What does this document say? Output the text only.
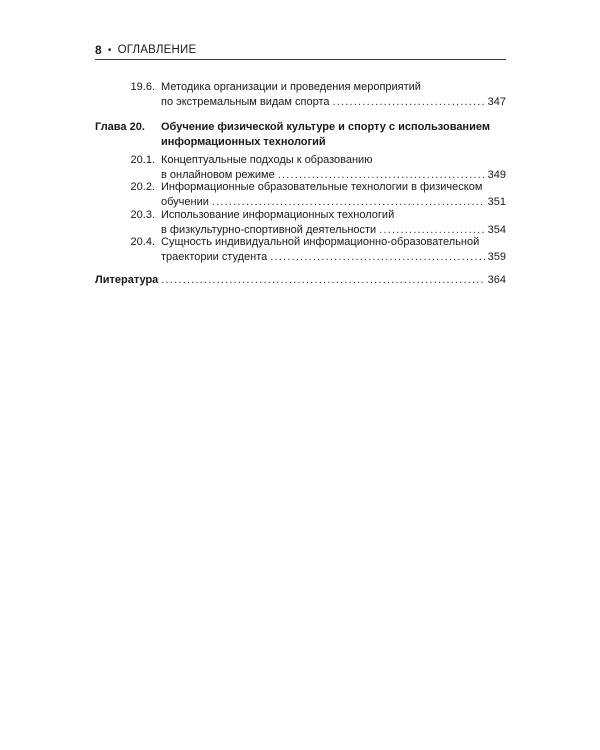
8 • ОГЛАВЛЕНИЕ
19.6. Методика организации и проведения мероприятий
по экстремальным видам спорта .....	347
Глава 20. Обучение физической культуре и спорту с использованием
информационных технологий
20.1. Концептуальные подходы к образованию
в онлайновом режиме .....	349
20.2. Информационные образовательные технологии в физическом
обучении .....	351
20.3. Использование информационных технологий
в физкультурно-спортивной деятельности .....	354
20.4. Сущность индивидуальной информационно-образовательной
траектории студента .....	359
Литература .....	364
